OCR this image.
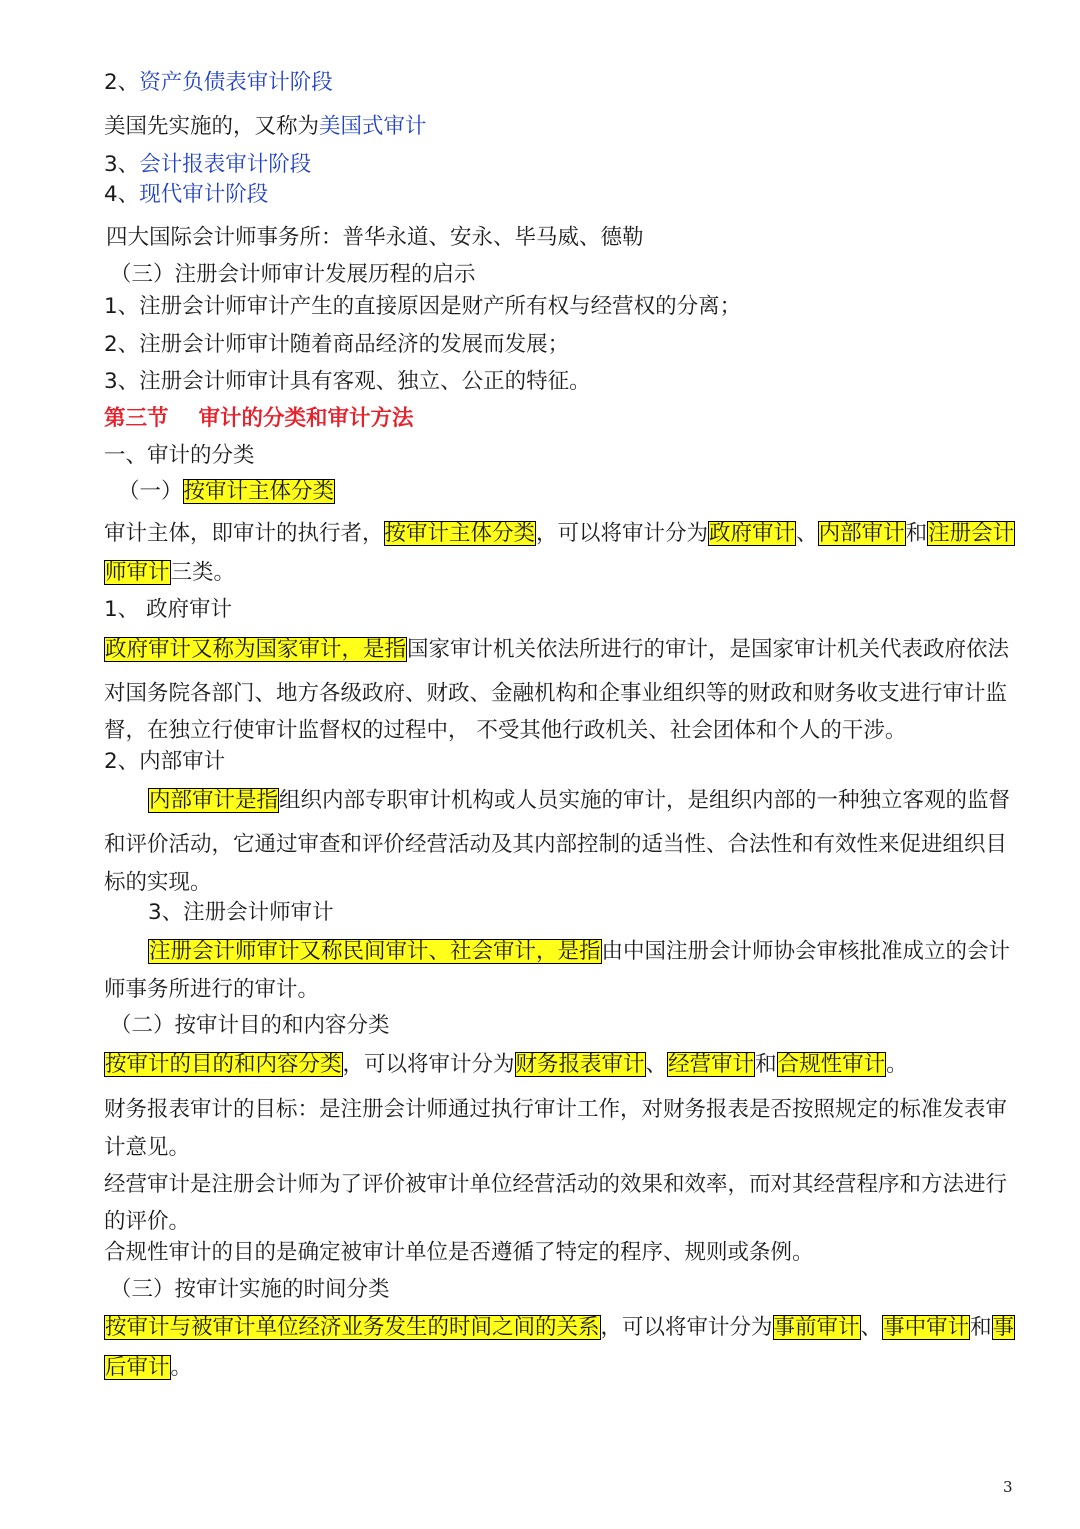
2、资产负债表审计阶段
美国先实施的，又称为美国式审计
3、会计报表审计阶段
4、现代审计阶段
四大国际会计师事务所：普华永道、安永、毕马威、德勒
（三）注册会计师审计发展历程的启示
1、注册会计师审计产生的直接原因是财产所有权与经营权的分离；
2、注册会计师审计随着商品经济的发展而发展；
3、注册会计师审计具有客观、独立、公正的特征。
第三节 审计的分类和审计方法
一、审计的分类
（一）按审计主体分类
审计主体，即审计的执行者，按审计主体分类，可以将审计分为政府审计、内部审计和注册会计
师审计三类。
1、 政府审计
政府审计又称为国家审计，是指国家审计机关依法所进行的审计，是国家审计机关代表政府依法
对国务院各部门、地方各级政府、财政、金融机构和企事业组织等的财政和财务收支进行审计监
督，在独立行使审计监督权的过程中， 不受其他行政机关、社会团体和个人的干涉。
2、内部审计
内部审计是指组织内部专职审计机构或人员实施的审计，是组织内部的一种独立客观的监督
和评价活动，它通过审查和评价经营活动及其内部控制的适当性、合法性和有效性来促进组织目
标的实现。
3、注册会计师审计
注册会计师审计又称民间审计、社会审计，是指由中国注册会计师协会审核批准成立的会计
师事务所进行的审计。
（二）按审计目的和内容分类
按审计的目的和内容分类，可以将审计分为财务报表审计、经营审计和合规性审计。
财务报表审计的目标：是注册会计师通过执行审计工作，对财务报表是否按照规定的标准发表审
计意见。
经营审计是注册会计师为了评价被审计单位经营活动的效果和效率，而对其经营程序和方法进行
的评价。
合规性审计的目的是确定被审计单位是否遵循了特定的程序、规则或条例。
（三）按审计实施的时间分类
按审计与被审计单位经济业务发生的时间之间的关系，可以将审计分为事前审计、事中审计和事
后审计。
3
